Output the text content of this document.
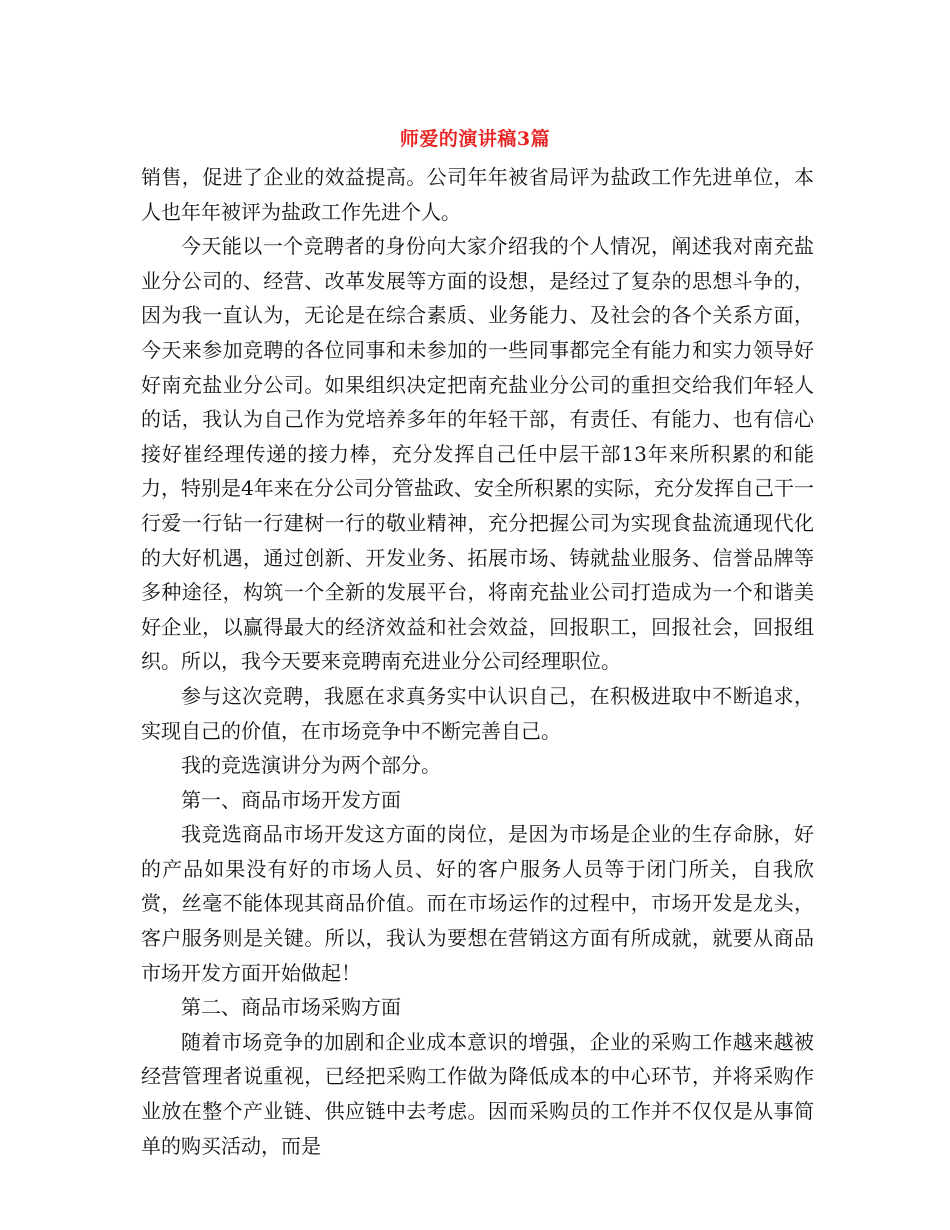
师爱的演讲稿3篇

销售，促进了企业的效益提高。公司年年被省局评为盐政工作先进单位，本人也年年被评为盐政工作先进个人。

今天能以一个竞聘者的身份向大家介绍我的个人情况，阐述我对南充盐业分公司的、经营、改革发展等方面的设想，是经过了复杂的思想斗争的，因为我一直认为，无论是在综合素质、业务能力、及社会的各个关系方面，今天来参加竞聘的各位同事和未参加的一些同事都完全有能力和实力领导好好南充盐业分公司。如果组织决定把南充盐业分公司的重担交给我们年轻人的话，我认为自己作为党培养多年的年轻干部，有责任、有能力、也有信心接好崔经理传递的接力棒，充分发挥自己任中层干部13年来所积累的和能力，特别是4年来在分公司分管盐政、安全所积累的实际，充分发挥自己干一行爱一行钻一行建树一行的敬业精神，充分把握公司为实现食盐流通现代化的大好机遇，通过创新、开发业务、拓展市场、铸就盐业服务、信誉品牌等多种途径，构筑一个全新的发展平台，将南充盐业公司打造成为一个和谐美好企业，以赢得最大的经济效益和社会效益，回报职工，回报社会，回报组织。所以，我今天要来竞聘南充进业分公司经理职位。

参与这次竞聘，我愿在求真务实中认识自己，在积极进取中不断追求，实现自己的价值，在市场竞争中不断完善自己。

我的竞选演讲分为两个部分。

第一、商品市场开发方面

我竞选商品市场开发这方面的岗位，是因为市场是企业的生存命脉，好的产品如果没有好的市场人员、好的客户服务人员等于闭门所关，自我欣赏，丝毫不能体现其商品价值。而在市场运作的过程中，市场开发是龙头，客户服务则是关键。所以，我认为要想在营销这方面有所成就，就要从商品市场开发方面开始做起！

第二、商品市场采购方面

随着市场竞争的加剧和企业成本意识的增强，企业的采购工作越来越被经营管理者说重视，已经把采购工作做为降低成本的中心环节，并将采购作业放在整个产业链、供应链中去考虑。因而采购员的工作并不仅仅是从事简单的购买活动，而是
